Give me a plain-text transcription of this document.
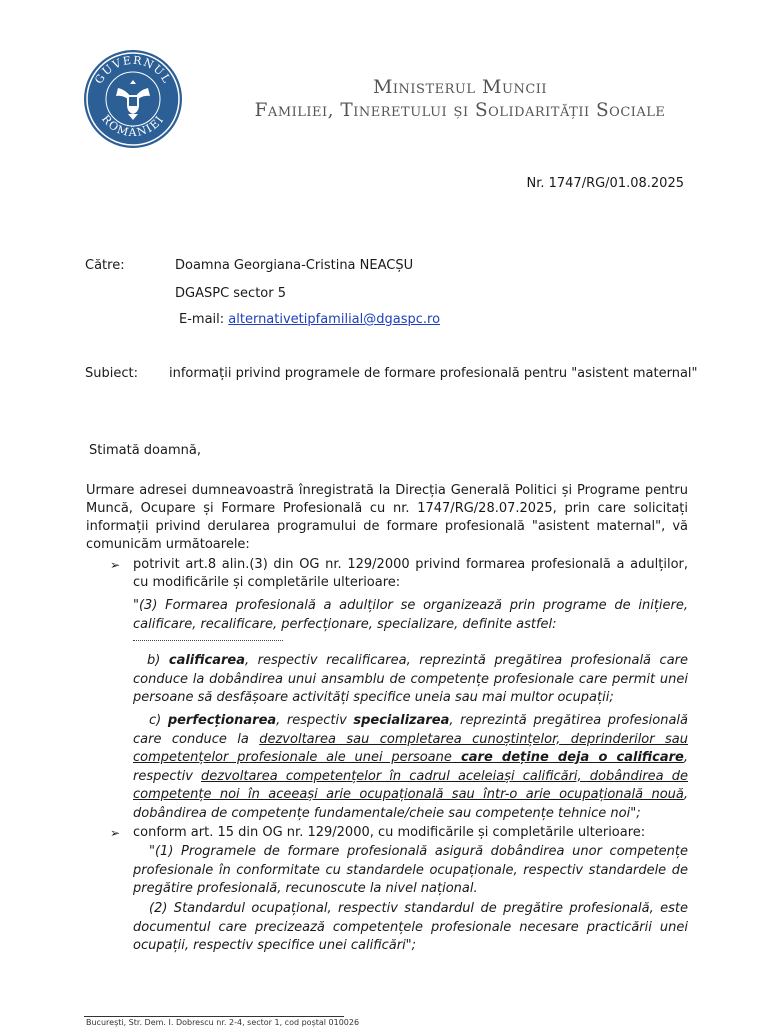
GUVERNUL
ROMÂNIEI
Ministerul Muncii
Familiei, Tineretului și Solidarității Sociale
Nr. 1747/RG/01.08.2025
Către:	Doamna Georgiana-Cristina NEACȘU
DGASPC sector 5
E-mail: alternativetipfamilial@dgaspc.ro
Subiect: informații privind programele de formare profesională pentru "asistent maternal"
Stimată doamnă,
Urmare adresei dumneavoastră înregistrată la Direcția Generală Politici și Programe pentru Muncă, Ocupare și Formare Profesională cu nr. 1747/RG/28.07.2025, prin care solicitați informații privind derularea programului de formare profesională "asistent maternal", vă comunicăm următoarele:
➢ potrivit art.8 alin.(3) din OG nr. 129/2000 privind formarea profesională a adulților, cu modificările și completările ulterioare:
"(3) Formarea profesională a adulților se organizează prin programe de inițiere, calificare, recalificare, perfecționare, specializare, definite astfel:
b) calificarea, respectiv recalificarea, reprezintă pregătirea profesională care conduce la dobândirea unui ansamblu de competențe profesionale care permit unei persoane să desfășoare activități specifice uneia sau mai multor ocupații;
c) perfecționarea, respectiv specializarea, reprezintă pregătirea profesională care conduce la dezvoltarea sau completarea cunoștințelor, deprinderilor sau competențelor profesionale ale unei persoane care deține deja o calificare, respectiv dezvoltarea competențelor în cadrul aceleiași calificări, dobândirea de competențe noi în aceeași arie ocupațională sau într-o arie ocupațională nouă, dobândirea de competențe fundamentale/cheie sau competențe tehnice noi";
➢ conform art. 15 din OG nr. 129/2000, cu modificările și completările ulterioare:
"(1) Programele de formare profesională asigură dobândirea unor competențe profesionale în conformitate cu standardele ocupaționale, respectiv standardele de pregătire profesională, recunoscute la nivel național.
(2) Standardul ocupațional, respectiv standardul de pregătire profesională, este documentul care precizează competențele profesionale necesare practicării unei ocupații, respectiv specifice unei calificări";
București, Str. Dem. I. Dobrescu nr. 2-4, sector 1, cod poștal 010026
